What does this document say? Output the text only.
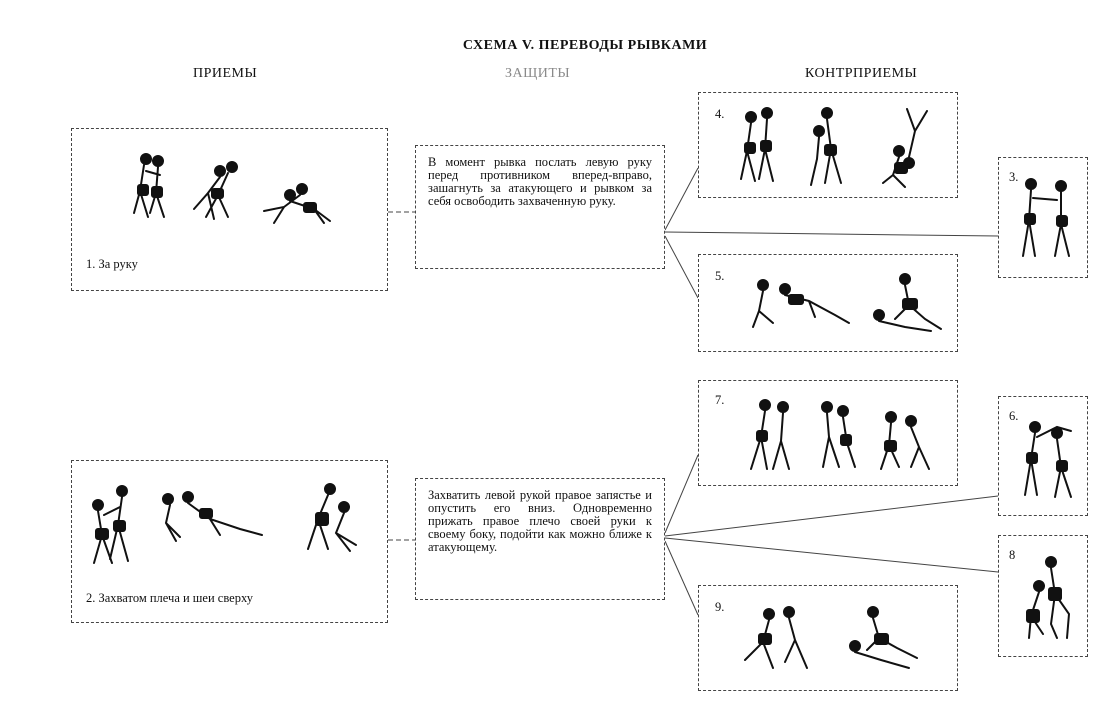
СХЕМА V. ПЕРЕВОДЫ РЫВКАМИ
ПРИЕМЫ	ЗАЩИТЫ	КОНТРПРИЕМЫ
1. За руку
2. Захватом плеча и шеи сверху
В момент рывка послать левую руку перед противником вперед-вправо, зашагнуть за атакующего и рывком за себя освободить захваченную руку.
Захватить левой рукой правое запястье и опустить его вниз. Одновременно прижать правое плечо своей руки к своему боку, подойти как можно ближе к атакующему.
4.
5.
3.
7.
9.
6.
8
